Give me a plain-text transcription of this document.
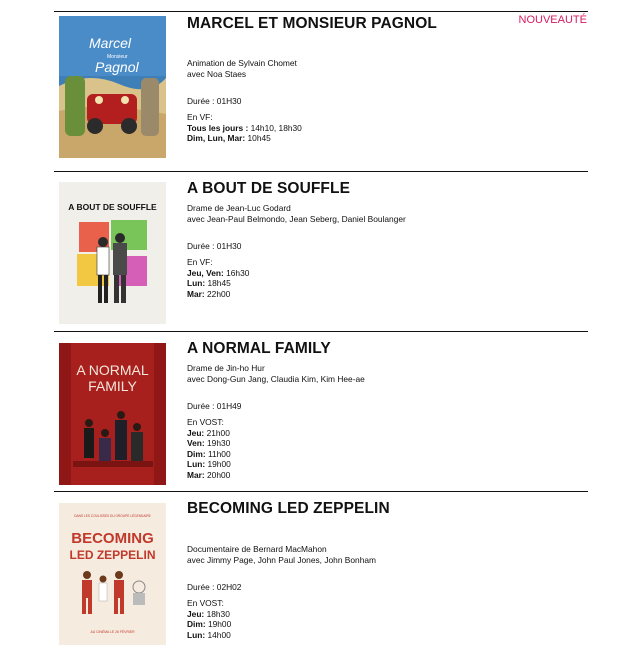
Marcel
Monsieur
Pagnol
MARCEL ET MONSIEUR PAGNOL	NOUVEAUTÉ
Animation de Sylvain Chomet
avec Noa Staes
Durée : 01H30
En VF:
Tous les jours : 14h10, 18h30
Dim, Lun, Mar: 10h45
A BOUT DE SOUFFLE
A BOUT DE SOUFFLE
Drame de Jean-Luc Godard
avec Jean-Paul Belmondo, Jean Seberg, Daniel Boulanger
Durée : 01H30
En VF:
Jeu, Ven: 16h30
Lun: 18h45
Mar: 22h00
A NORMAL
FAMILY
A NORMAL FAMILY
Drame de Jin-ho Hur
avec Dong-Gun Jang, Claudia Kim, Kim Hee-ae
Durée : 01H49
En VOST:
Jeu: 21h00
Ven: 19h30
Dim: 11h00
Lun: 19h00
Mar: 20h00
DANS LES COULISSES DU GROUPE LÉGENDAIRE
BECOMING
LED ZEPPELIN
AU CINÉMA LE 26 FÉVRIER
BECOMING LED ZEPPELIN
Documentaire de Bernard MacMahon
avec Jimmy Page, John Paul Jones, John Bonham
Durée : 02H02
En VOST:
Jeu: 18h30
Dim: 19h00
Lun: 14h00
